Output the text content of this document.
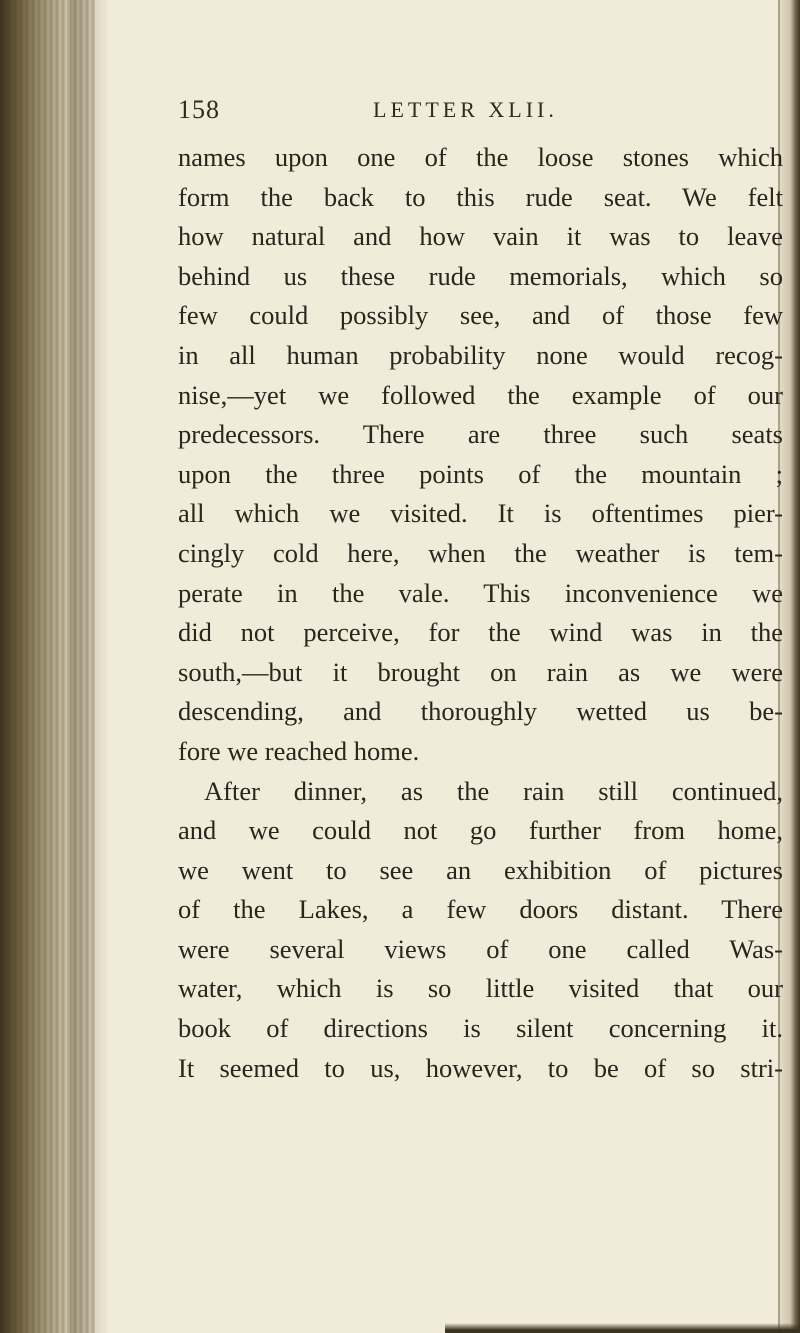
158	LETTER XLII.
names upon one of the loose stones which
form the back to this rude seat. We felt
how natural and how vain it was to leave
behind us these rude memorials, which so
few could possibly see, and of those few
in all human probability none would recog-
nise,—yet we followed the example of our
predecessors. There are three such seats
upon the three points of the mountain ;
all which we visited. It is oftentimes pier-
cingly cold here, when the weather is tem-
perate in the vale. This inconvenience we
did not perceive, for the wind was in the
south,—but it brought on rain as we were
descending, and thoroughly wetted us be-
fore we reached home.
After dinner, as the rain still continued,
and we could not go further from home,
we went to see an exhibition of pictures
of the Lakes, a few doors distant. There
were several views of one called Was-
water, which is so little visited that our
book of directions is silent concerning it.
It seemed to us, however, to be of so stri-
